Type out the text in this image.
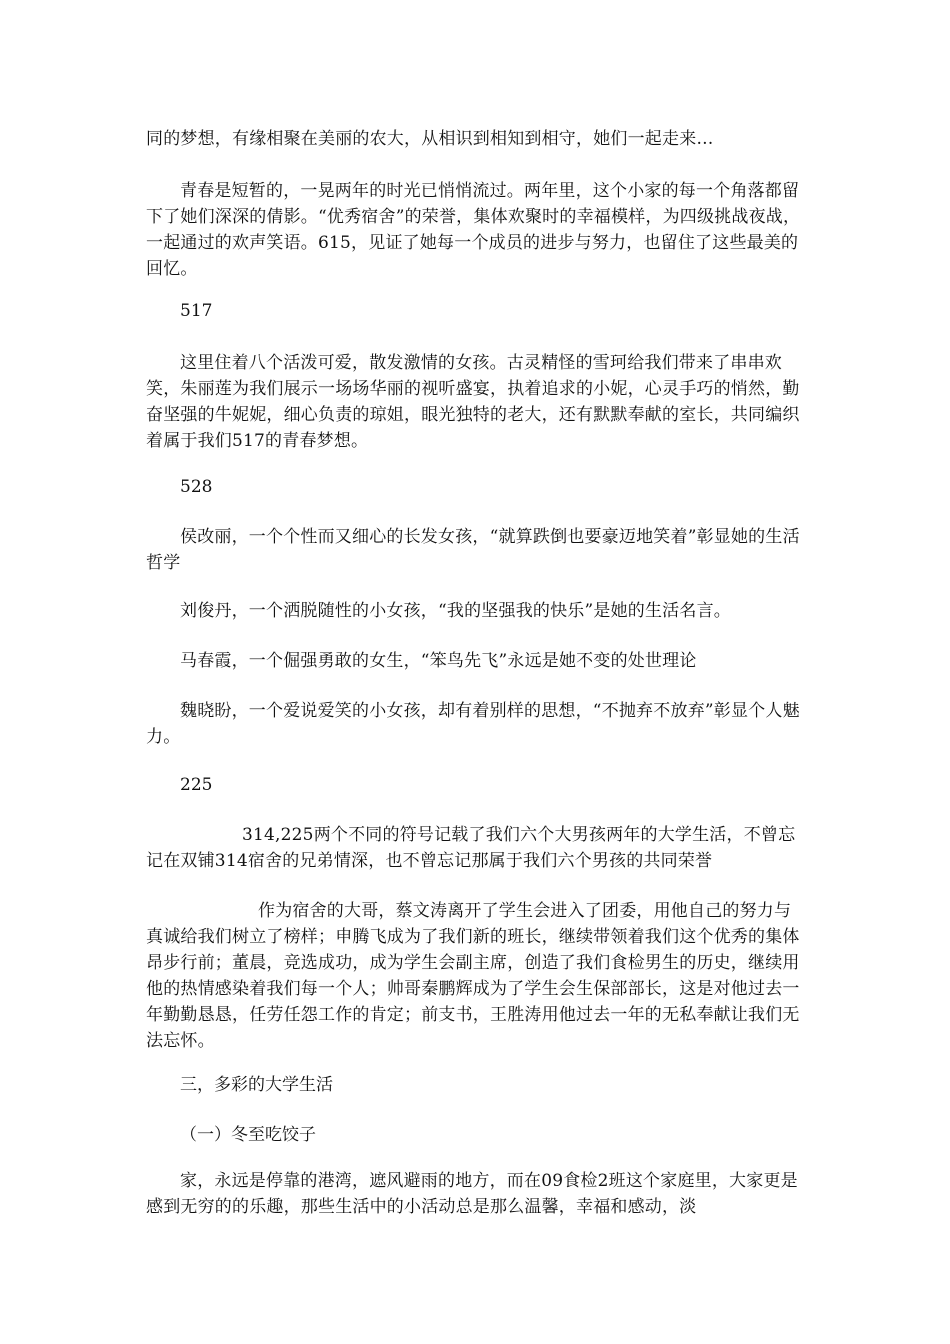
同的梦想，有缘相聚在美丽的农大，从相识到相知到相守，她们一起走来…

青春是短暂的，一晃两年的时光已悄悄流过。两年里，这个小家的每一个角落都留下了她们深深的倩影。“优秀宿舍”的荣誉，集体欢聚时的幸福模样，为四级挑战夜战，一起通过的欢声笑语。615，见证了她每一个成员的进步与努力，也留住了这些最美的回忆。

517

这里住着八个活泼可爱，散发激情的女孩。古灵精怪的雪珂给我们带来了串串欢笑，朱丽莲为我们展示一场场华丽的视听盛宴，执着追求的小妮，心灵手巧的悄然，勤奋坚强的牛妮妮，细心负责的琼姐，眼光独特的老大，还有默默奉献的室长，共同编织着属于我们517的青春梦想。

528

侯改丽，一个个性而又细心的长发女孩，“就算跌倒也要豪迈地笑着”彰显她的生活哲学

刘俊丹，一个洒脱随性的小女孩，“我的坚强我的快乐”是她的生活名言。

马春霞，一个倔强勇敢的女生，“笨鸟先飞”永远是她不变的处世理论

魏晓盼，一个爱说爱笑的小女孩，却有着别样的思想，“不抛弃不放弃”彰显个人魅力。

225

314,225两个不同的符号记载了我们六个大男孩两年的大学生活，不曾忘记在双铺314宿舍的兄弟情深，也不曾忘记那属于我们六个男孩的共同荣誉

作为宿舍的大哥，蔡文涛离开了学生会进入了团委，用他自己的努力与真诚给我们树立了榜样；申腾飞成为了我们新的班长，继续带领着我们这个优秀的集体昂步行前；董晨，竞选成功，成为学生会副主席，创造了我们食检男生的历史，继续用他的热情感染着我们每一个人；帅哥秦鹏辉成为了学生会生保部部长，这是对他过去一年勤勤恳恳，任劳任怨工作的肯定；前支书，王胜涛用他过去一年的无私奉献让我们无法忘怀。

三，多彩的大学生活

（一）冬至吃饺子

家，永远是停靠的港湾，遮风避雨的地方，而在09食检2班这个家庭里，大家更是感到无穷的的乐趣，那些生活中的小活动总是那么温馨，幸福和感动，淡
